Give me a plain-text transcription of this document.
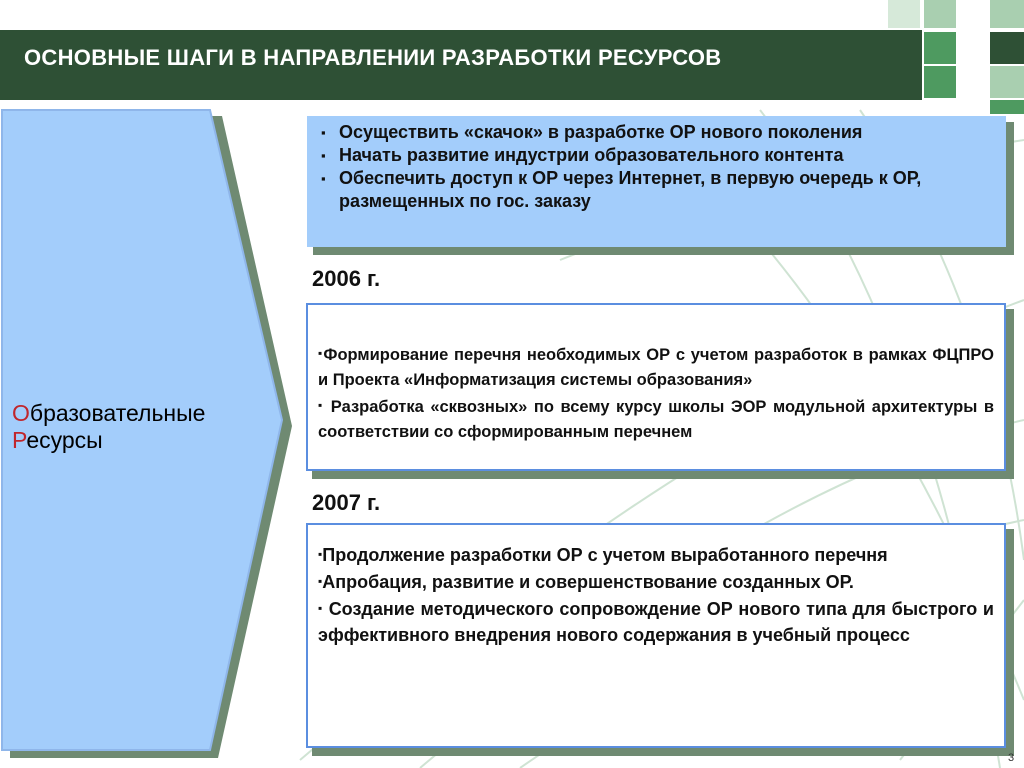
ОСНОВНЫЕ ШАГИ В НАПРАВЛЕНИИ РАЗРАБОТКИ РЕСУРСОВ
Образовательные
Ресурсы
▪ Осуществить «скачок» в разработке ОР нового поколения
▪ Начать развитие индустрии образовательного контента
▪ Обеспечить доступ к ОР через Интернет, в первую очередь к ОР, размещенных по гос. заказу
2006 г.
▪Формирование перечня необходимых ОР с учетом разработок в рамках ФЦПРО и Проекта «Информатизация системы образования»
▪ Разработка «сквозных» по всему курсу школы ЭОР модульной архитектуры в соответствии со сформированным перечнем
2007 г.
▪Продолжение разработки ОР с учетом выработанного перечня
▪Апробация, развитие и совершенствование созданных ОР.
▪ Создание методического сопровождение ОР нового типа для быстрого и эффективного внедрения нового содержания в учебный процесс
3
